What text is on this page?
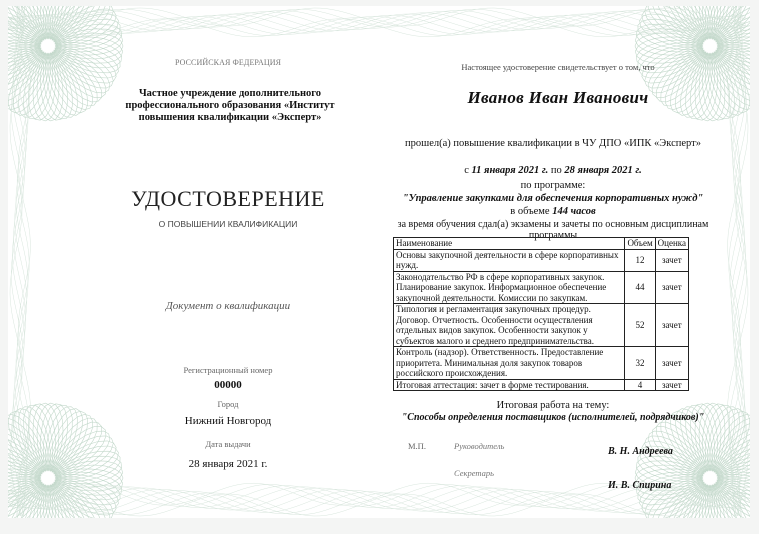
РОССИЙСКАЯ ФЕДЕРАЦИЯ
Частное учреждение дополнительного профессионального образования «Институт повышения квалификации «Эксперт»
УДОСТОВЕРЕНИЕ
О ПОВЫШЕНИИ КВАЛИФИКАЦИИ
Документ о квалификации
Регистрационный номер
00000
Город
Нижний Новгород
Дата выдачи
28 января 2021 г.
Настоящее удостоверение свидетельствует о том, что
Иванов Иван Иванович
прошел(а) повышение квалификации в ЧУ ДПО «ИПК «Эксперт»
с 11 января 2021 г. по 28 января 2021 г.
по программе:
"Управление закупками для обеспечения корпоративных нужд"
в объеме 144 часов
за время обучения сдал(а) экзамены и зачеты по основным дисциплинам программы
Наименование	Объем	Оценка
Основы закупочной деятельности в сфере корпоративных нужд.	12	зачет
Законодательство РФ в сфере корпоративных закупок. Планирование закупок. Информационное обеспечение закупочной деятельности. Комиссии по закупкам.	44	зачет
Типология и регламентация закупочных процедур. Договор. Отчетность. Особенности осуществления отдельных видов закупок. Особенности закупок у субъектов малого и среднего предпринимательства.	52	зачет
Контроль (надзор). Ответственность. Предоставление приоритета. Минимальная доля закупок товаров российского происхождения.	32	зачет
Итоговая аттестация: зачет в форме тестирования.	4	зачет
Итоговая работа на тему:
"Способы определения поставщиков (исполнителей, подрядчиков)"
М.П.	Руководитель	В. Н. Андреева
Секретарь
И. В. Спирина
